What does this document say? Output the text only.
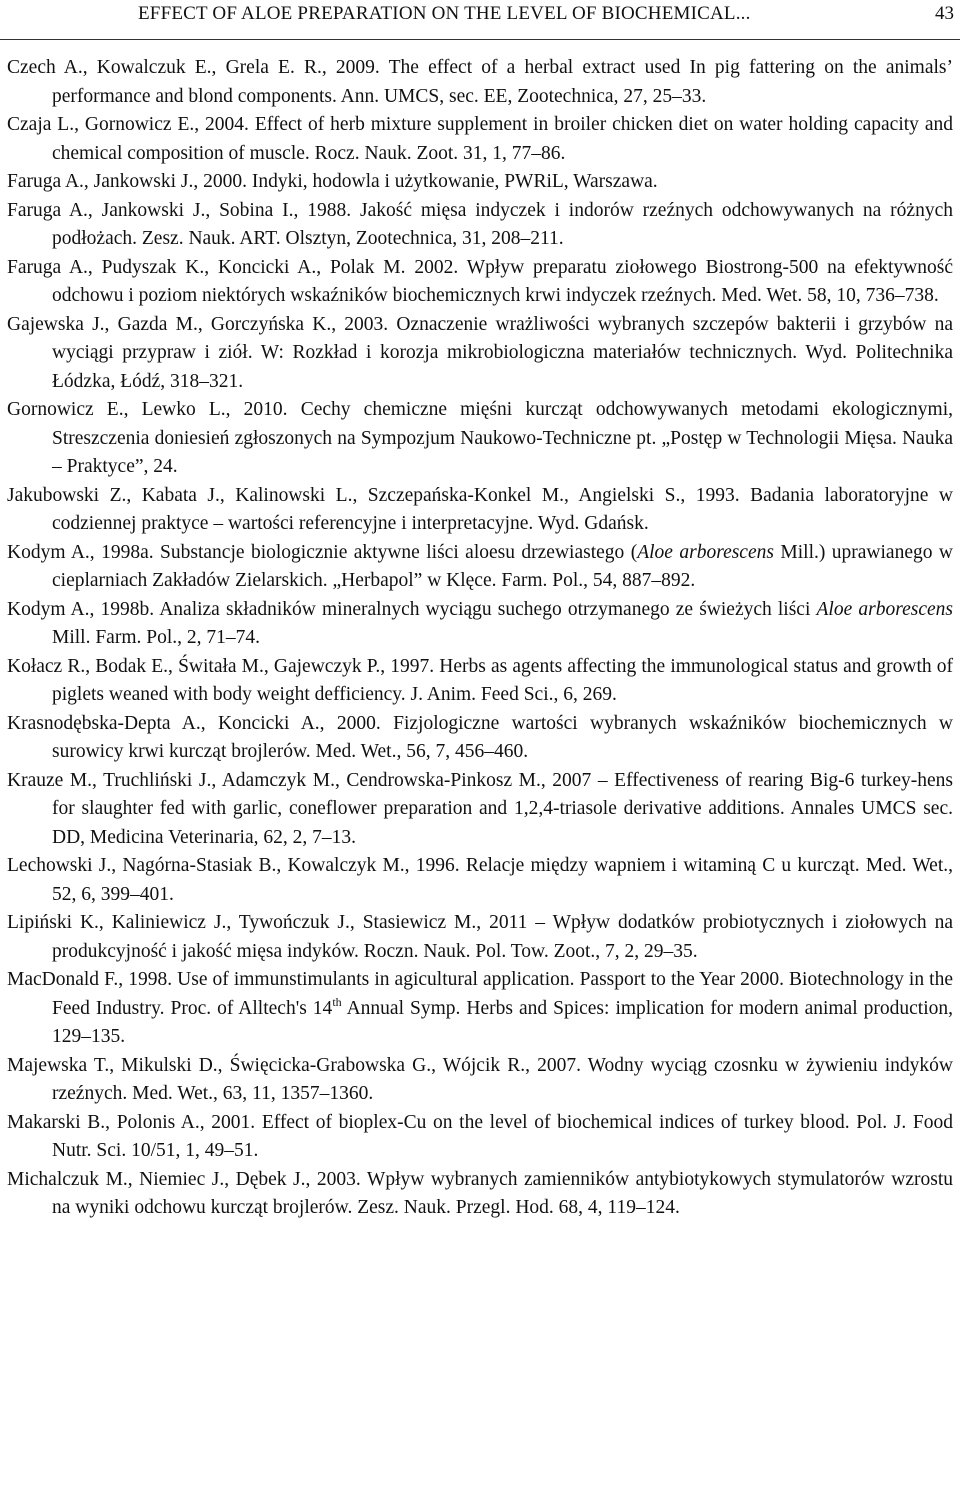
EFFECT OF ALOE PREPARATION ON THE LEVEL OF BIOCHEMICAL...	43
Czech A., Kowalczuk E., Grela E. R., 2009. The effect of a herbal extract used In pig fattering on the animals’ performance and blond components. Ann. UMCS, sec. EE, Zootechnica, 27, 25–33.
Czaja L., Gornowicz E., 2004. Effect of herb mixture supplement in broiler chicken diet on water holding capacity and chemical composition of muscle. Rocz. Nauk. Zoot. 31, 1, 77–86.
Faruga A., Jankowski J., 2000. Indyki, hodowla i użytkowanie, PWRiL, Warszawa.
Faruga A., Jankowski J., Sobina I., 1988. Jakość mięsa indyczek i indorów rzeźnych odchowywanych na różnych podłożach. Zesz. Nauk. ART. Olsztyn, Zootechnica, 31, 208–211.
Faruga A., Pudyszak K., Koncicki A., Polak M. 2002. Wpływ preparatu ziołowego Biostrong-500 na efektywność odchowu i poziom niektórych wskaźników biochemicznych krwi indyczek rzeźnych. Med. Wet. 58, 10, 736–738.
Gajewska J., Gazda M., Gorczyńska K., 2003. Oznaczenie wrażliwości wybranych szczepów bakterii i grzybów na wyciągi przypraw i ziół. W: Rozkład i korozja mikrobiologiczna materiałów technicznych. Wyd. Politechnika Łódzka, Łódź, 318–321.
Gornowicz E., Lewko L., 2010. Cechy chemiczne mięśni kurcząt odchowywanych metodami ekologicznymi, Streszczenia doniesień zgłoszonych na Sympozjum Naukowo-Techniczne pt. „Postęp w Technologii Mięsa. Nauka – Praktyce”, 24.
Jakubowski Z., Kabata J., Kalinowski L., Szczepańska-Konkel M., Angielski S., 1993. Badania laboratoryjne w codziennej praktyce – wartości referencyjne i interpretacyjne. Wyd. Gdańsk.
Kodym A., 1998a. Substancje biologicznie aktywne liści aloesu drzewiastego (Aloe arborescens Mill.) uprawianego w cieplarniach Zakładów Zielarskich. „Herbapol” w Klęce. Farm. Pol., 54, 887–892.
Kodym A., 1998b. Analiza składników mineralnych wyciągu suchego otrzymanego ze świeżych liści Aloe arborescens Mill. Farm. Pol., 2, 71–74.
Kołacz R., Bodak E., Świtała M., Gajewczyk P., 1997. Herbs as agents affecting the immunological status and growth of piglets weaned with body weight defficiency. J. Anim. Feed Sci., 6, 269.
Krasnodębska-Depta A., Koncicki A., 2000. Fizjologiczne wartości wybranych wskaźników biochemicznych w surowicy krwi kurcząt brojlerów. Med. Wet., 56, 7, 456–460.
Krauze M., Truchliński J., Adamczyk M., Cendrowska-Pinkosz M., 2007 – Effectiveness of rearing Big-6 turkey-hens for slaughter fed with garlic, coneflower preparation and 1,2,4-triasole derivative additions. Annales UMCS sec. DD, Medicina Veterinaria, 62, 2, 7–13.
Lechowski J., Nagórna-Stasiak B., Kowalczyk M., 1996. Relacje między wapniem i witaminą C u kurcząt. Med. Wet., 52, 6, 399–401.
Lipiński K., Kaliniewicz J., Tywończuk J., Stasiewicz M., 2011 – Wpływ dodatków probiotycznych i ziołowych na produkcyjność i jakość mięsa indyków. Roczn. Nauk. Pol. Tow. Zoot., 7, 2, 29–35.
MacDonald F., 1998. Use of immunstimulants in agicultural application. Passport to the Year 2000. Biotechnology in the Feed Industry. Proc. of Alltech's 14th Annual Symp. Herbs and Spices: implication for modern animal production, 129–135.
Majewska T., Mikulski D., Święcicka-Grabowska G., Wójcik R., 2007. Wodny wyciąg czosnku w żywieniu indyków rzeźnych. Med. Wet., 63, 11, 1357–1360.
Makarski B., Polonis A., 2001. Effect of bioplex-Cu on the level of biochemical indices of turkey blood. Pol. J. Food Nutr. Sci. 10/51, 1, 49–51.
Michalczuk M., Niemiec J., Dębek J., 2003. Wpływ wybranych zamienników antybiotykowych stymulatorów wzrostu na wyniki odchowu kurcząt brojlerów. Zesz. Nauk. Przegl. Hod. 68, 4, 119–124.
